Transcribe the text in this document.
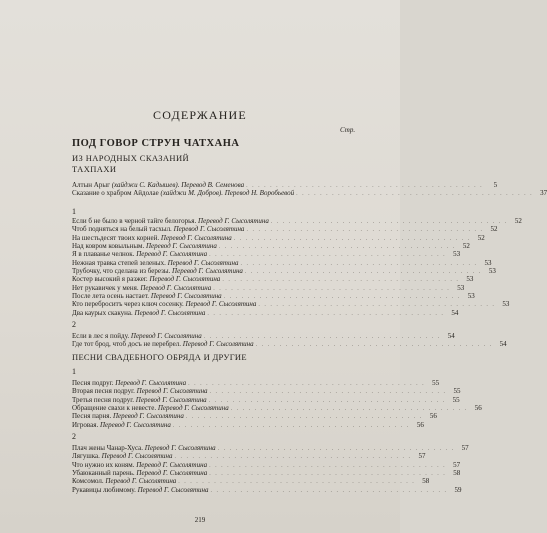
СОДЕРЖАНИЕ
Стр.
ПОД ГОВОР СТРУН ЧАТХАНА
ИЗ НАРОДНЫХ СКАЗАНИЙ
ТАХПАХИ
Алтын Арыг (хайджи С. Кадышев). Перевод В. Семенова . . . . . . . . . . . . . . . . . . . . . . . . . . . . . . . . . . . . . . . .	5
Сказание о храбром Айдолае (хайджи М. Добров). Перевод Н. Воробьевой . . . . . . . . . . . . . . . . . . . . . . . . . . . . . . . . . . . . . . . .	37
1
Если б не было в черной тайге белогорья. Перевод Г. Сысолятина . . . . . . . . . . . . . . . . . . . . . . . . . . . . . . . . . . . . . . . .	52
Чтоб подняться на белый тасхыл. Перевод Г. Сысолятина . . . . . . . . . . . . . . . . . . . . . . . . . . . . . . . . . . . . . . . .	52
На шестьдесят твоих корней. Перевод Г. Сысолятина . . . . . . . . . . . . . . . . . . . . . . . . . . . . . . . . . . . . . . . .	52
Над ковром ковыльным. Перевод Г. Сысолятина . . . . . . . . . . . . . . . . . . . . . . . . . . . . . . . . . . . . . . . .	52
Я в плаванье челнок. Перевод Г. Сысолятина . . . . . . . . . . . . . . . . . . . . . . . . . . . . . . . . . . . . . . . .	53
Нежная травка степей зеленых. Перевод Г. Сысолятина . . . . . . . . . . . . . . . . . . . . . . . . . . . . . . . . . . . . . . . .	53
Трубочку, что сделана из березы. Перевод Г. Сысолятина . . . . . . . . . . . . . . . . . . . . . . . . . . . . . . . . . . . . . . . .	53
Костер высокий я разжег. Перевод Г. Сысолятина . . . . . . . . . . . . . . . . . . . . . . . . . . . . . . . . . . . . . . . .	53
Нет рукавичек у меня. Перевод Г. Сысолятина . . . . . . . . . . . . . . . . . . . . . . . . . . . . . . . . . . . . . . . .	53
После лета осень настает. Перевод Г. Сысолятина . . . . . . . . . . . . . . . . . . . . . . . . . . . . . . . . . . . . . . . .	53
Кто переброситъ через ключ сосенку. Перевод Г. Сысолятина . . . . . . . . . . . . . . . . . . . . . . . . . . . . . . . . . . . . . . . .	53
Два каурых скакуна. Перевод Г. Сысолятина . . . . . . . . . . . . . . . . . . . . . . . . . . . . . . . . . . . . . . . .	54
2
Если в лес я пойду. Перевод Г. Сысолятина . . . . . . . . . . . . . . . . . . . . . . . . . . . . . . . . . . . . . . . .	54
Где тот брод, чтоб досъ не перебрел. Перевод Г. Сысолятина . . . . . . . . . . . . . . . . . . . . . . . . . . . . . . . . . . . . . . . .	54
ПЕСНИ СВАДЕБНОГО ОБРЯДА И ДРУГИЕ
1
Песня подруг. Перевод Г. Сысолятина . . . . . . . . . . . . . . . . . . . . . . . . . . . . . . . . . . . . . . . .	55
Вторая песня подруг. Перевод Г. Сысолятина . . . . . . . . . . . . . . . . . . . . . . . . . . . . . . . . . . . . . . . .	55
Третья песня подруг. Перевод Г. Сысолятина . . . . . . . . . . . . . . . . . . . . . . . . . . . . . . . . . . . . . . . .	55
Обращение свахи к невесте. Перевод Г. Сысолятина . . . . . . . . . . . . . . . . . . . . . . . . . . . . . . . . . . . . . . . .	56
Песня парня. Перевод Г. Сысолятина . . . . . . . . . . . . . . . . . . . . . . . . . . . . . . . . . . . . . . . .	56
Игровая. Перевод Г. Сысолятина . . . . . . . . . . . . . . . . . . . . . . . . . . . . . . . . . . . . . . . .	56
2
Плач жены Чанар-Хуса. Перевод Г. Сысолятина . . . . . . . . . . . . . . . . . . . . . . . . . . . . . . . . . . . . . . . .	57
Лягушка. Перевод Г. Сысолятина . . . . . . . . . . . . . . . . . . . . . . . . . . . . . . . . . . . . . . . .	57
Что нужно их коням. Перевод Г. Сысолятина . . . . . . . . . . . . . . . . . . . . . . . . . . . . . . . . . . . . . . . .	57
Убаюканный парень. Перевод Г. Сысолятина . . . . . . . . . . . . . . . . . . . . . . . . . . . . . . . . . . . . . . . .	58
Комсомол. Перевод Г. Сысолятина . . . . . . . . . . . . . . . . . . . . . . . . . . . . . . . . . . . . . . . .	58
Рукавицы любимому. Перевод Г. Сысолятина . . . . . . . . . . . . . . . . . . . . . . . . . . . . . . . . . . . . . . . .	59
219
